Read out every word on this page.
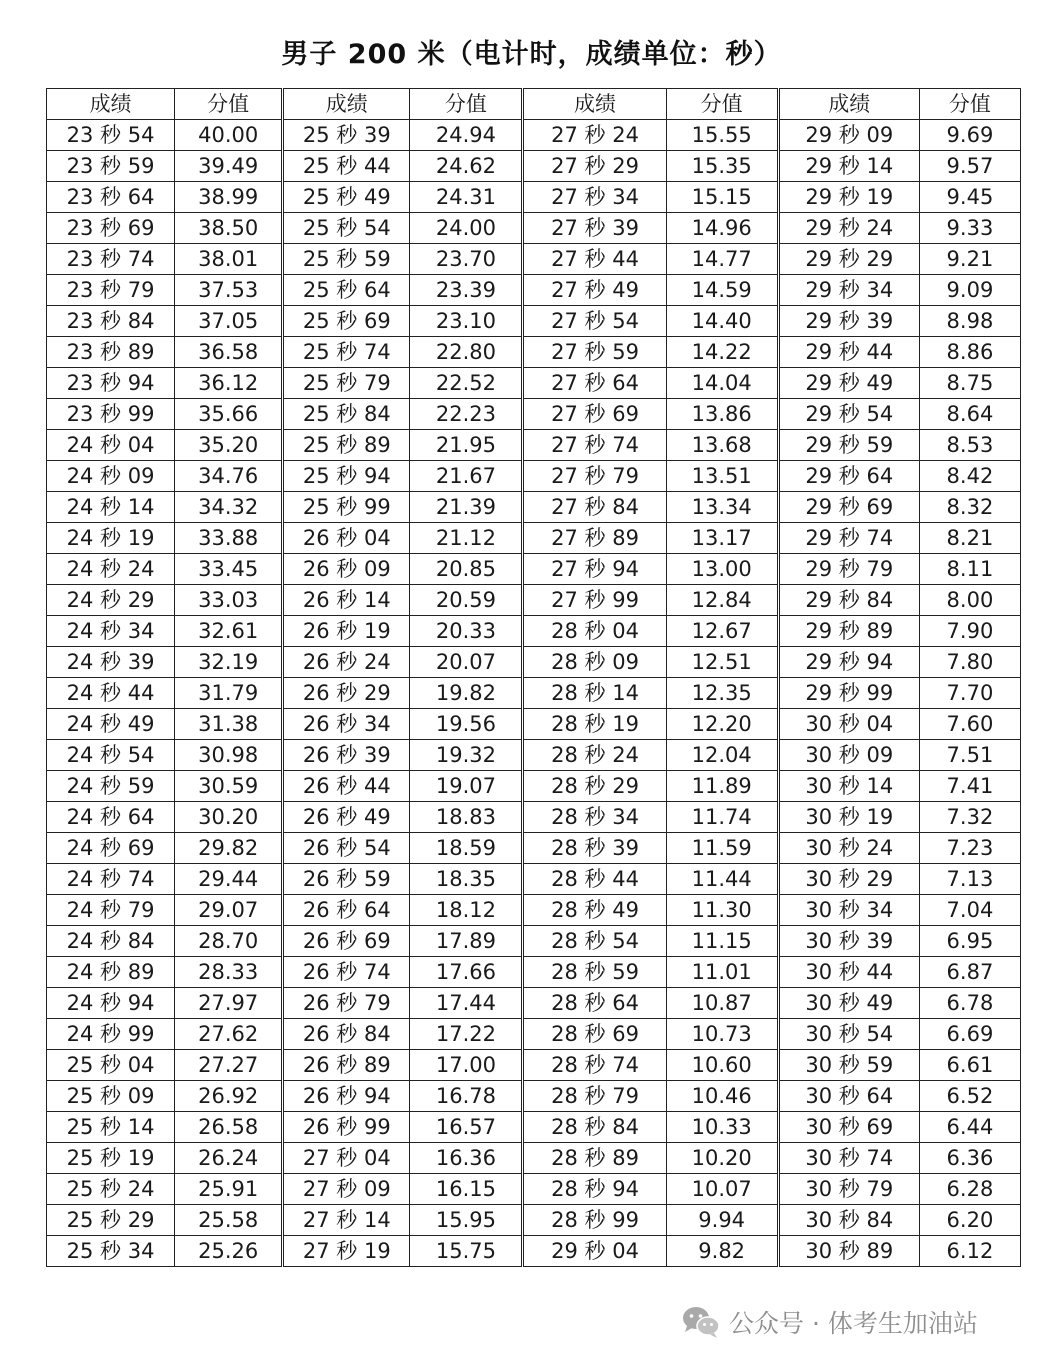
男子 200 米（电计时，成绩单位：秒）
成绩	分值	成绩	分值	成绩	分值	成绩	分值
23 秒 54	40.00	25 秒 39	24.94	27 秒 24	15.55	29 秒 09	9.69
23 秒 59	39.49	25 秒 44	24.62	27 秒 29	15.35	29 秒 14	9.57
23 秒 64	38.99	25 秒 49	24.31	27 秒 34	15.15	29 秒 19	9.45
23 秒 69	38.50	25 秒 54	24.00	27 秒 39	14.96	29 秒 24	9.33
23 秒 74	38.01	25 秒 59	23.70	27 秒 44	14.77	29 秒 29	9.21
23 秒 79	37.53	25 秒 64	23.39	27 秒 49	14.59	29 秒 34	9.09
23 秒 84	37.05	25 秒 69	23.10	27 秒 54	14.40	29 秒 39	8.98
23 秒 89	36.58	25 秒 74	22.80	27 秒 59	14.22	29 秒 44	8.86
23 秒 94	36.12	25 秒 79	22.52	27 秒 64	14.04	29 秒 49	8.75
23 秒 99	35.66	25 秒 84	22.23	27 秒 69	13.86	29 秒 54	8.64
24 秒 04	35.20	25 秒 89	21.95	27 秒 74	13.68	29 秒 59	8.53
24 秒 09	34.76	25 秒 94	21.67	27 秒 79	13.51	29 秒 64	8.42
24 秒 14	34.32	25 秒 99	21.39	27 秒 84	13.34	29 秒 69	8.32
24 秒 19	33.88	26 秒 04	21.12	27 秒 89	13.17	29 秒 74	8.21
24 秒 24	33.45	26 秒 09	20.85	27 秒 94	13.00	29 秒 79	8.11
24 秒 29	33.03	26 秒 14	20.59	27 秒 99	12.84	29 秒 84	8.00
24 秒 34	32.61	26 秒 19	20.33	28 秒 04	12.67	29 秒 89	7.90
24 秒 39	32.19	26 秒 24	20.07	28 秒 09	12.51	29 秒 94	7.80
24 秒 44	31.79	26 秒 29	19.82	28 秒 14	12.35	29 秒 99	7.70
24 秒 49	31.38	26 秒 34	19.56	28 秒 19	12.20	30 秒 04	7.60
24 秒 54	30.98	26 秒 39	19.32	28 秒 24	12.04	30 秒 09	7.51
24 秒 59	30.59	26 秒 44	19.07	28 秒 29	11.89	30 秒 14	7.41
24 秒 64	30.20	26 秒 49	18.83	28 秒 34	11.74	30 秒 19	7.32
24 秒 69	29.82	26 秒 54	18.59	28 秒 39	11.59	30 秒 24	7.23
24 秒 74	29.44	26 秒 59	18.35	28 秒 44	11.44	30 秒 29	7.13
24 秒 79	29.07	26 秒 64	18.12	28 秒 49	11.30	30 秒 34	7.04
24 秒 84	28.70	26 秒 69	17.89	28 秒 54	11.15	30 秒 39	6.95
24 秒 89	28.33	26 秒 74	17.66	28 秒 59	11.01	30 秒 44	6.87
24 秒 94	27.97	26 秒 79	17.44	28 秒 64	10.87	30 秒 49	6.78
24 秒 99	27.62	26 秒 84	17.22	28 秒 69	10.73	30 秒 54	6.69
25 秒 04	27.27	26 秒 89	17.00	28 秒 74	10.60	30 秒 59	6.61
25 秒 09	26.92	26 秒 94	16.78	28 秒 79	10.46	30 秒 64	6.52
25 秒 14	26.58	26 秒 99	16.57	28 秒 84	10.33	30 秒 69	6.44
25 秒 19	26.24	27 秒 04	16.36	28 秒 89	10.20	30 秒 74	6.36
25 秒 24	25.91	27 秒 09	16.15	28 秒 94	10.07	30 秒 79	6.28
25 秒 29	25.58	27 秒 14	15.95	28 秒 99	9.94	30 秒 84	6.20
25 秒 34	25.26	27 秒 19	15.75	29 秒 04	9.82	30 秒 89	6.12
公众号 · 体考生加油站
